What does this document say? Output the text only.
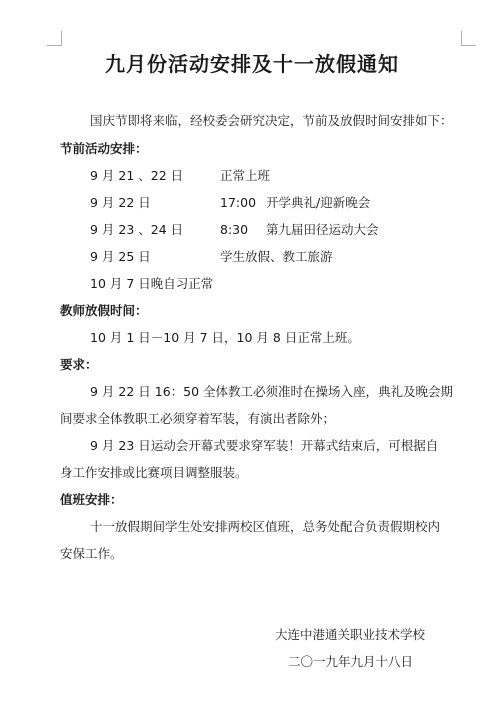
九月份活动安排及十一放假通知
国庆节即将来临，经校委会研究决定，节前及放假时间安排如下：
节前活动安排：
9 月 21 、22 日	正常上班
9 月 22 日	17:00 开学典礼/迎新晚会
9 月 23 、24 日	8:30 第九届田径运动大会
9 月 25 日	学生放假、教工旅游
10 月 7 日晚自习正常
教师放假时间：
10 月 1 日－10 月 7 日，10 月 8 日正常上班。
要求：
9 月 22 日 16：50 全体教工必须准时在操场入座，典礼及晚会期
间要求全体教职工必须穿着军装，有演出者除外；
9 月 23 日运动会开幕式要求穿军装！开幕式结束后，可根据自
身工作安排或比赛项目调整服装。
值班安排：
十一放假期间学生处安排两校区值班，总务处配合负责假期校内
安保工作。
大连中港通关职业技术学校
二〇一九年九月十八日
